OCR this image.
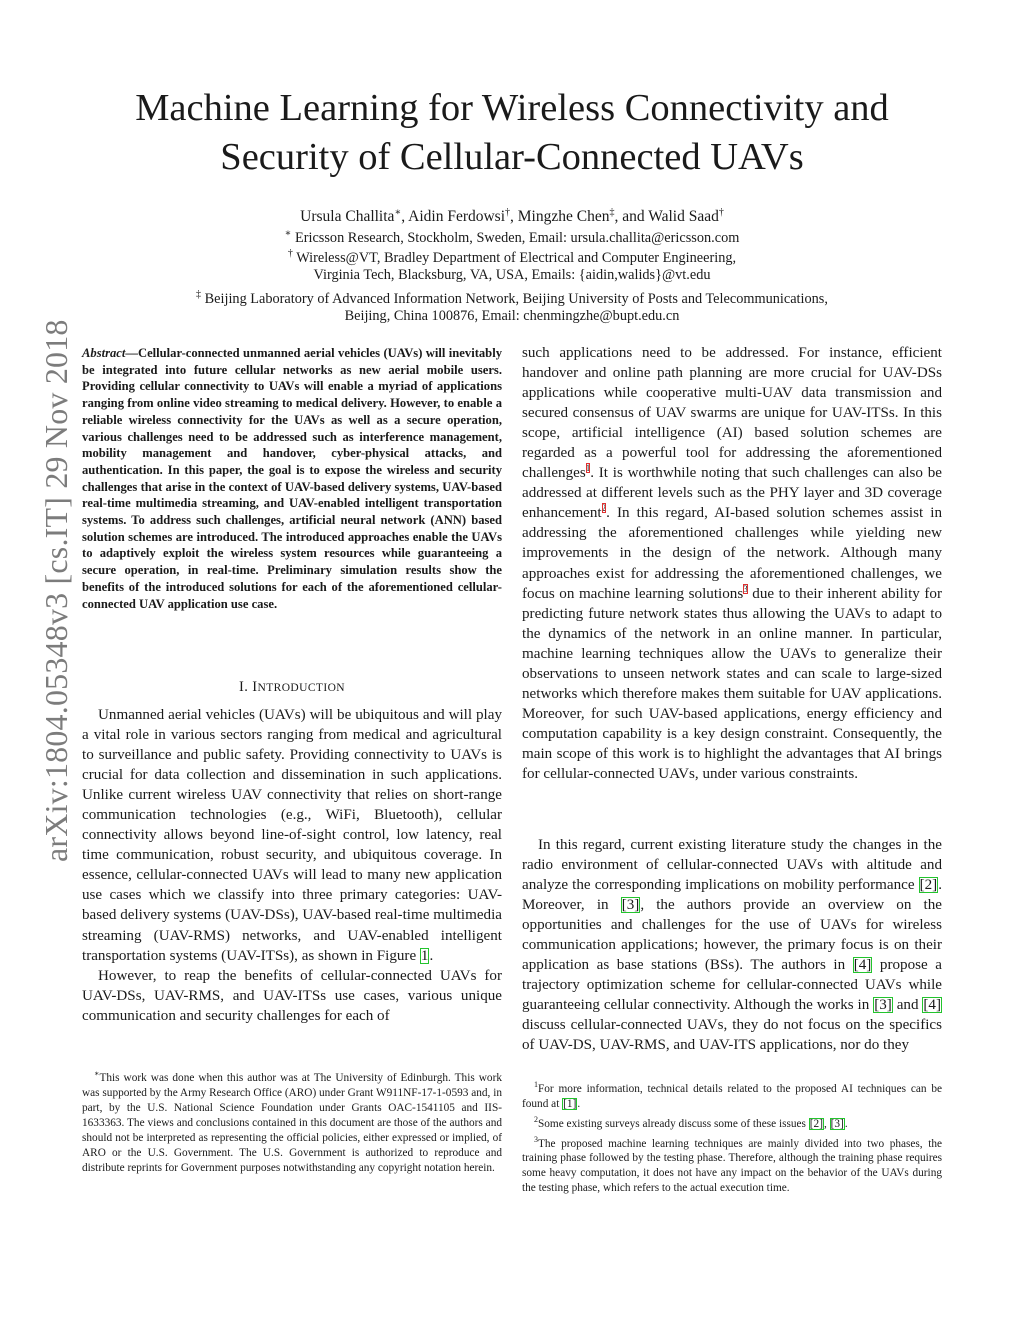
Machine Learning for Wireless Connectivity and
Security of Cellular-Connected UAVs
Ursula Challita∗, Aidin Ferdowsi†, Mingzhe Chen‡, and Walid Saad†
∗ Ericsson Research, Stockholm, Sweden, Email: ursula.challita@ericsson.com
† Wireless@VT, Bradley Department of Electrical and Computer Engineering,
Virginia Tech, Blacksburg, VA, USA, Emails: {aidin,walids}@vt.edu
‡ Beijing Laboratory of Advanced Information Network, Beijing University of Posts and Telecommunications,
Beijing, China 100876, Email: chenmingzhe@bupt.edu.cn
arXiv:1804.05348v3 [cs.IT] 29 Nov 2018 Abstract—Cellular-connected unmanned aerial vehicles (UAVs) will inevitably be integrated into future cellular networks as new aerial mobile users. Providing cellular connectivity to UAVs will enable a myriad of applications ranging from online video streaming to medical delivery. However, to enable a reliable wireless connectivity for the UAVs as well as a secure operation, various challenges need to be addressed such as interference management, mobility management and handover, cyber-physical attacks, and authentication. In this paper, the goal is to expose the wireless and security challenges that arise in the context of UAV-based delivery systems, UAV-based real-time multimedia streaming, and UAV-enabled intelligent transportation systems. To address such challenges, artificial neural network (ANN) based solution schemes are introduced. The introduced approaches enable the UAVs to adaptively exploit the wireless system resources while guaranteeing a secure operation, in real-time. Preliminary simulation results show the benefits of the introduced solutions for each of the aforementioned cellular-connected UAV application use case.
I. INTRODUCTION

Unmanned aerial vehicles (UAVs) will be ubiquitous and will play a vital role in various sectors ranging from medical and agricultural to surveillance and public safety. Providing connectivity to UAVs is crucial for data collection and dissemination in such applications. Unlike current wireless UAV connectivity that relies on short-range communication technologies (e.g., WiFi, Bluetooth), cellular connectivity allows beyond line-of-sight control, low latency, real time communication, robust security, and ubiquitous coverage. In essence, cellular-connected UAVs will lead to many new application use cases which we classify into three primary categories: UAV-based delivery systems (UAV-DSs), UAV-based real-time multimedia streaming (UAV-RMS) networks, and UAV-enabled intelligent transportation systems (UAV-ITSs), as shown in Figure 1.

However, to reap the benefits of cellular-connected UAVs for UAV-DSs, UAV-RMS, and UAV-ITSs use cases, various unique communication and security challenges for each of

∗This work was done when this author was at The University of Edinburgh. This work was supported by the Army Research Office (ARO) under Grant W911NF-17-1-0593 and, in part, by the U.S. National Science Foundation under Grants OAC-1541105 and IIS-1633363. The views and conclusions contained in this document are those of the authors and should not be interpreted as representing the official policies, either expressed or implied, of ARO or the U.S. Government. The U.S. Government is authorized to reproduce and distribute reprints for Government purposes notwithstanding any copyright notation herein.

such applications need to be addressed. For instance, efficient handover and online path planning are more crucial for UAV-DSs applications while cooperative multi-UAV data transmission and secured consensus of UAV swarms are unique for UAV-ITSs. In this scope, artificial intelligence (AI) based solution schemes are regarded as a powerful tool for addressing the aforementioned challenges$^1$. It is worthwhile noting that such challenges can also be addressed at different levels such as the PHY layer and 3D coverage enhancement$^2$. In this regard, AI-based solution schemes assist in addressing the aforementioned challenges while yielding new improvements in the design of the network. Although many approaches exist for addressing the aforementioned challenges, we focus on machine learning solutions$^3$ due to their inherent ability for predicting future network states thus allowing the UAVs to adapt to the dynamics of the network in an online manner. In particular, machine learning techniques allow the UAVs to generalize their observations to unseen network states and can scale to large-sized networks which therefore makes them suitable for UAV applications. Moreover, for such UAV-based applications, energy efficiency and computation capability is a key design constraint. Consequently, the main scope of this work is to highlight the advantages that AI brings for cellular-connected UAVs, under various constraints.

In this regard, current existing literature study the changes in the radio environment of cellular-connected UAVs with altitude and analyze the corresponding implications on mobility performance [2]. Moreover, in [3], the authors provide an overview on the opportunities and challenges for the use of UAVs for wireless communication applications; however, the primary focus is on their application as base stations (BSs). The authors in [4] propose a trajectory optimization scheme for cellular-connected UAVs while guaranteeing cellular connectivity. Although the works in [3] and [4] discuss cellular-connected UAVs, they do not focus on the specifics of UAV-DS, UAV-RMS, and UAV-ITS applications, nor do they

$^1$For more information, technical details related to the proposed AI techniques can be found at [1].

$^2$Some existing surveys already discuss some of these issues [2], [3].

$^3$The proposed machine learning techniques are mainly divided into two phases, the training phase followed by the testing phase. Therefore, although the training phase requires some heavy computation, it does not have any impact on the behavior of the UAVs during the testing phase, which refers to the actual execution time.
